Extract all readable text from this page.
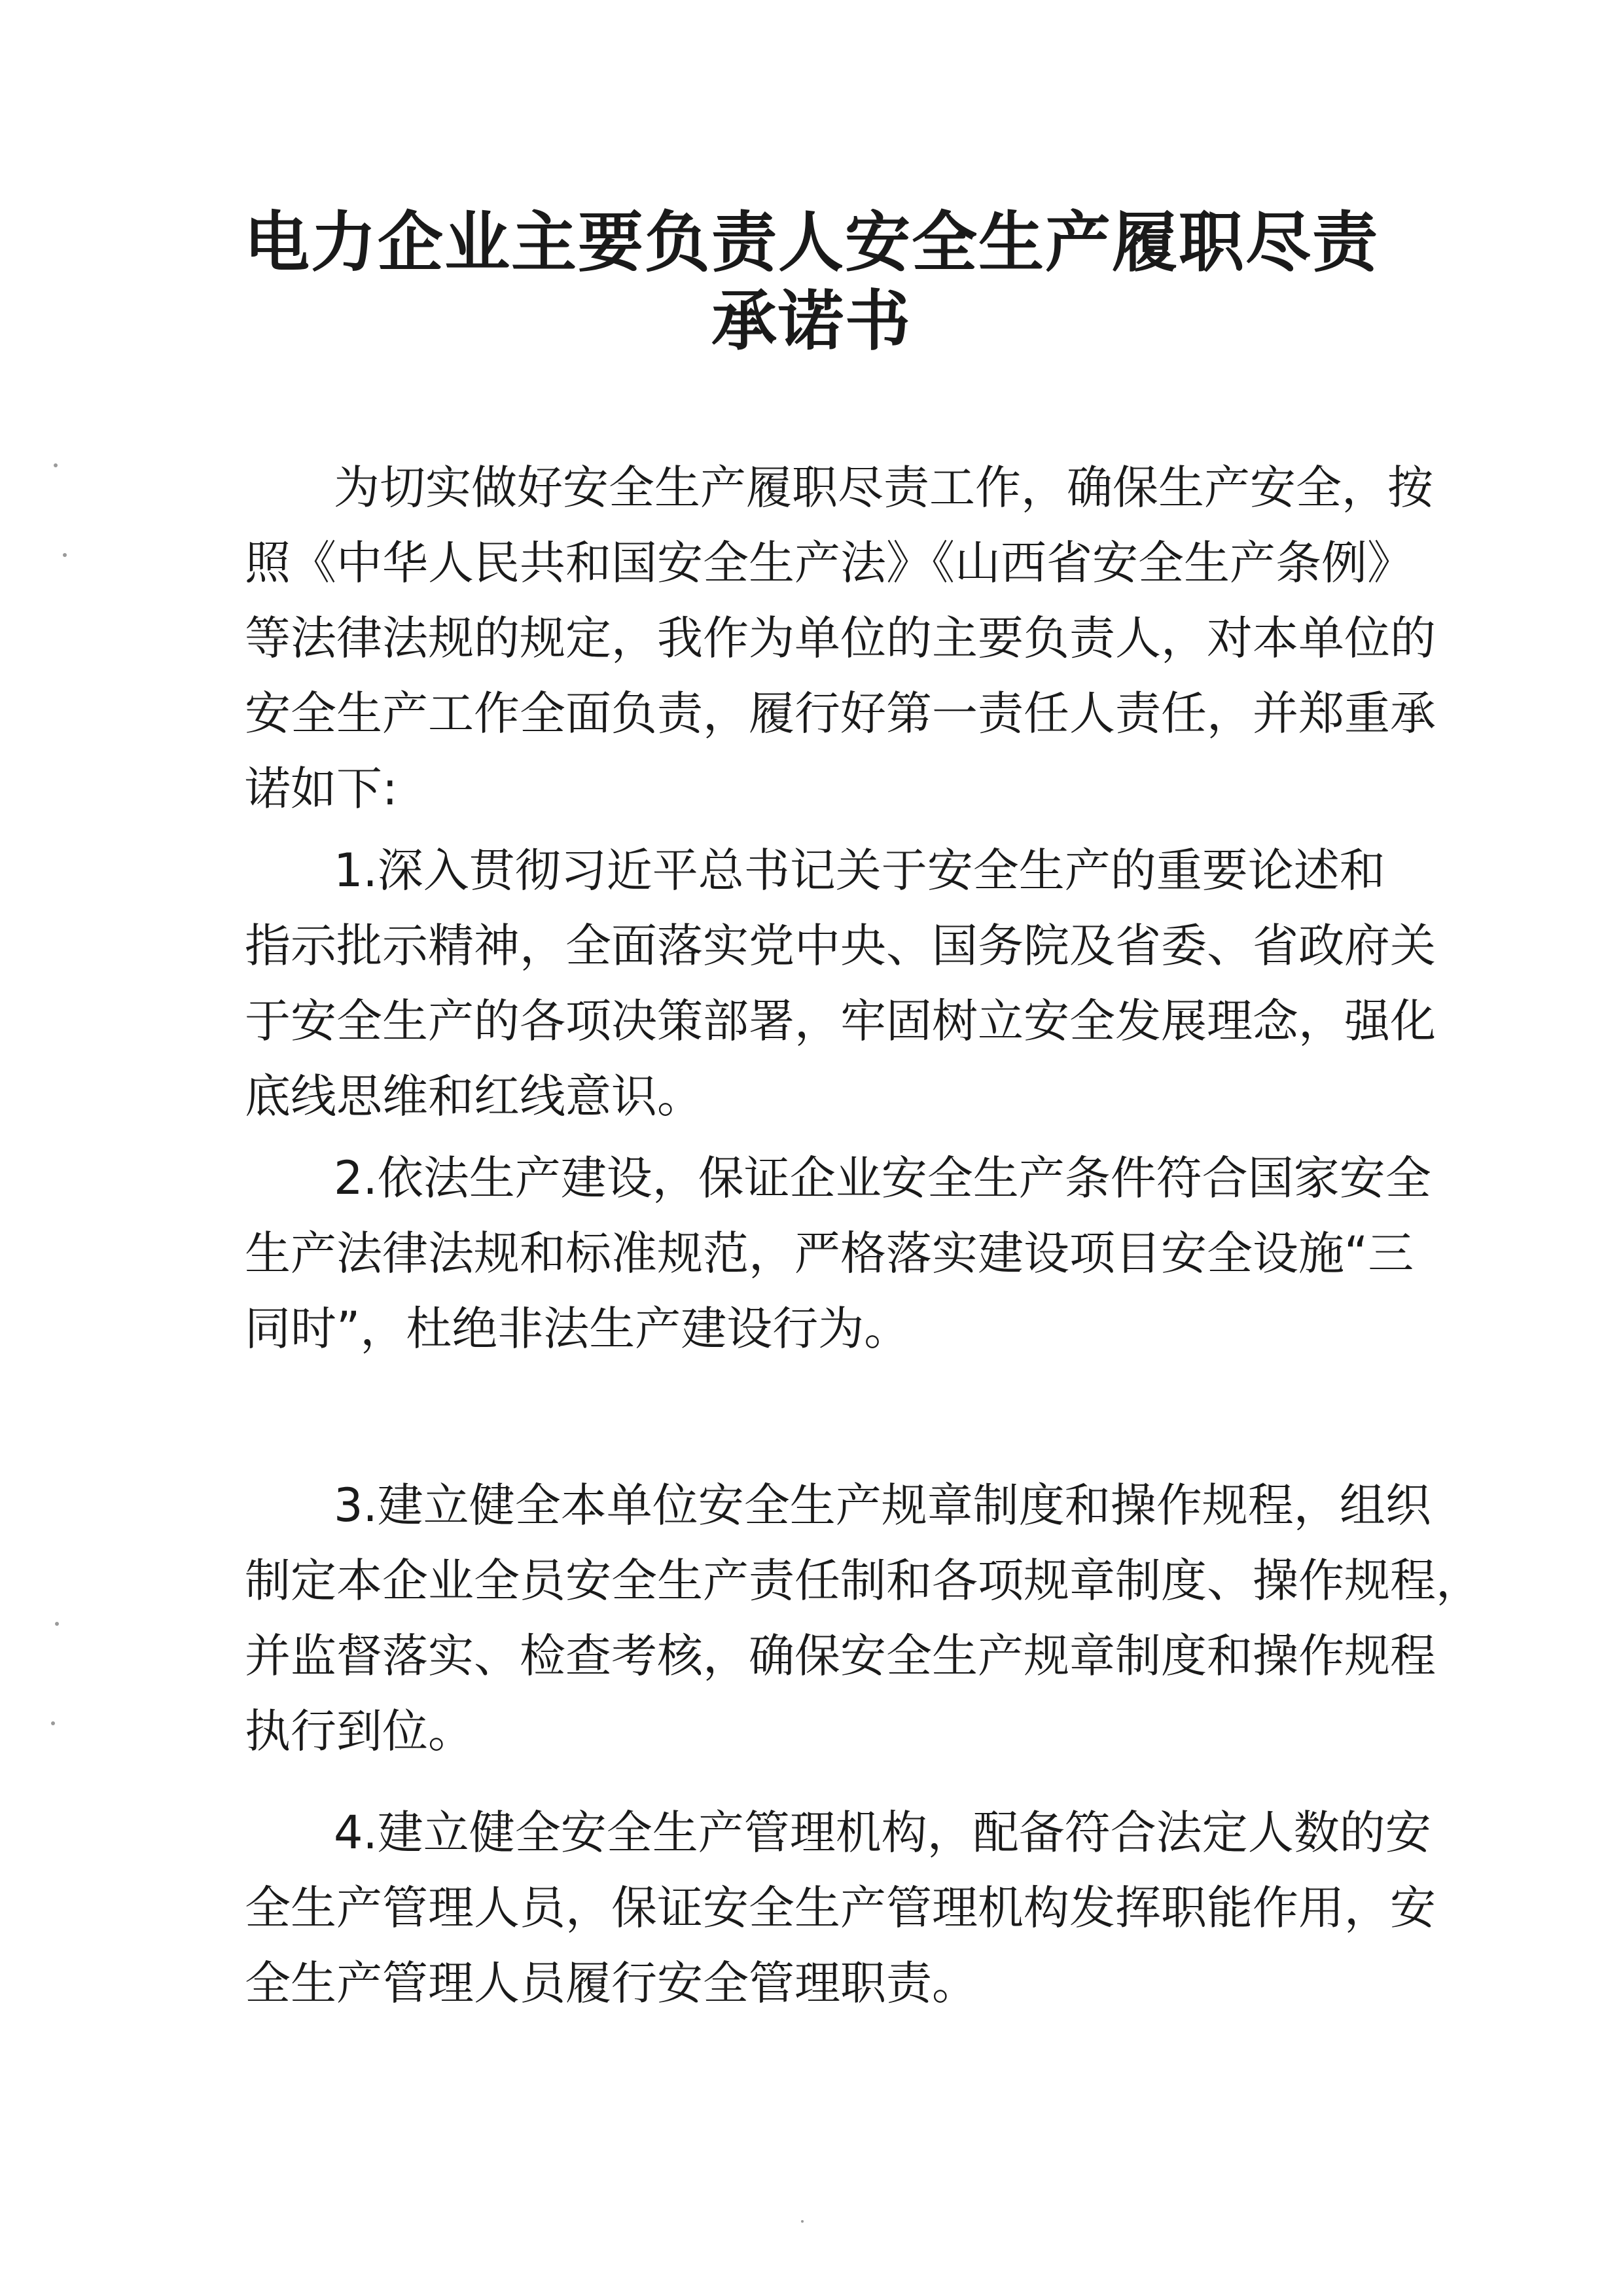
电力企业主要负责人安全生产履职尽责
承诺书
为切实做好安全生产履职尽责工作，确保生产安全，按
照《中华人民共和国安全生产法》《山西省安全生产条例》
等法律法规的规定，我作为单位的主要负责人，对本单位的
安全生产工作全面负责，履行好第一责任人责任，并郑重承
诺如下:
1.深入贯彻习近平总书记关于安全生产的重要论述和
指示批示精神，全面落实党中央、国务院及省委、省政府关
于安全生产的各项决策部署，牢固树立安全发展理念，强化
底线思维和红线意识。
2.依法生产建设，保证企业安全生产条件符合国家安全
生产法律法规和标准规范，严格落实建设项目安全设施“三
同时”，杜绝非法生产建设行为。
3.建立健全本单位安全生产规章制度和操作规程，组织
制定本企业全员安全生产责任制和各项规章制度、操作规程，
并监督落实、检查考核，确保安全生产规章制度和操作规程
执行到位。
4.建立健全安全生产管理机构，配备符合法定人数的安
全生产管理人员，保证安全生产管理机构发挥职能作用，安
全生产管理人员履行安全管理职责。
